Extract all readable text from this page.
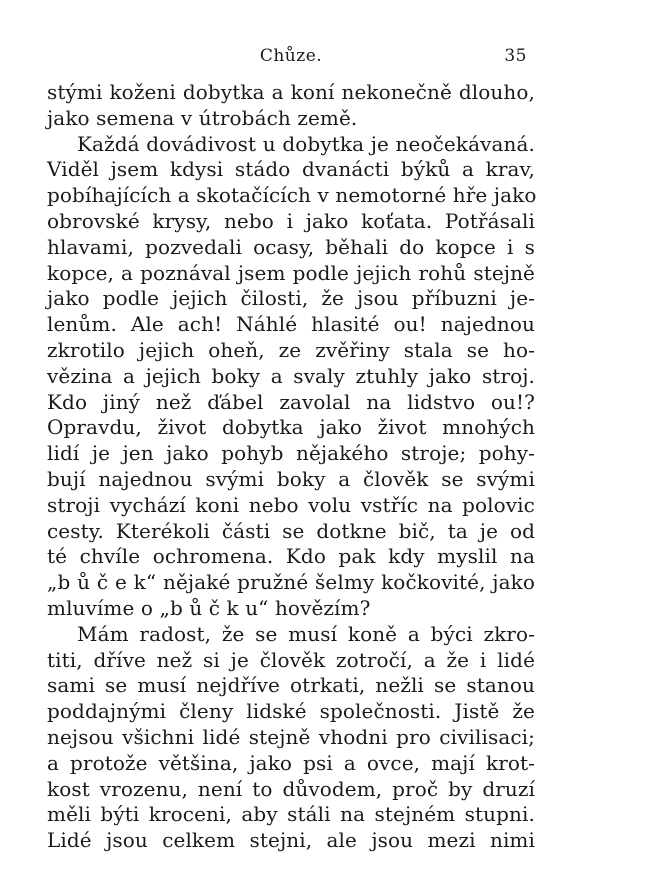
Chůze.	35
stými koženi dobytka a koní nekonečně dlouho,
jako semena v útrobách země.
Každá dovádivost u dobytka je neočekávaná.
Viděl jsem kdysi stádo dvanácti býků a krav,
pobíhajících a skotačících v nemotorné hře jako
obrovské krysy, nebo i jako koťata. Potřásali
hlavami, pozvedali ocasy, běhali do kopce i s
kopce, a poznával jsem podle jejich rohů stejně
jako podle jejich čilosti, že jsou příbuzni je-
lenům. Ale ach! Náhlé hlasité ou! najednou
zkrotilo jejich oheň, ze zvěřiny stala se ho-
vězina a jejich boky a svaly ztuhly jako stroj.
Kdo jiný než ďábel zavolal na lidstvo ou!?
Opravdu, život dobytka jako život mnohých
lidí je jen jako pohyb nějakého stroje; pohy-
bují najednou svými boky a člověk se svými
stroji vychází koni nebo volu vstříc na polovic
cesty. Kterékoli části se dotkne bič, ta je od
té chvíle ochromena. Kdo pak kdy myslil na
„b ů č e k“ nějaké pružné šelmy kočkovité, jako
mluvíme o „b ů č k u“ hovězím?
Mám radost, že se musí koně a býci zkro-
titi, dříve než si je člověk zotročí, a že i lidé
sami se musí nejdříve otrkati, nežli se stanou
poddajnými členy lidské společnosti. Jistě že
nejsou všichni lidé stejně vhodni pro civilisaci;
a protože většina, jako psi a ovce, mají krot-
kost vrozenu, není to důvodem, proč by druzí
měli býti kroceni, aby stáli na stejném stupni.
Lidé jsou celkem stejni, ale jsou mezi nimi
